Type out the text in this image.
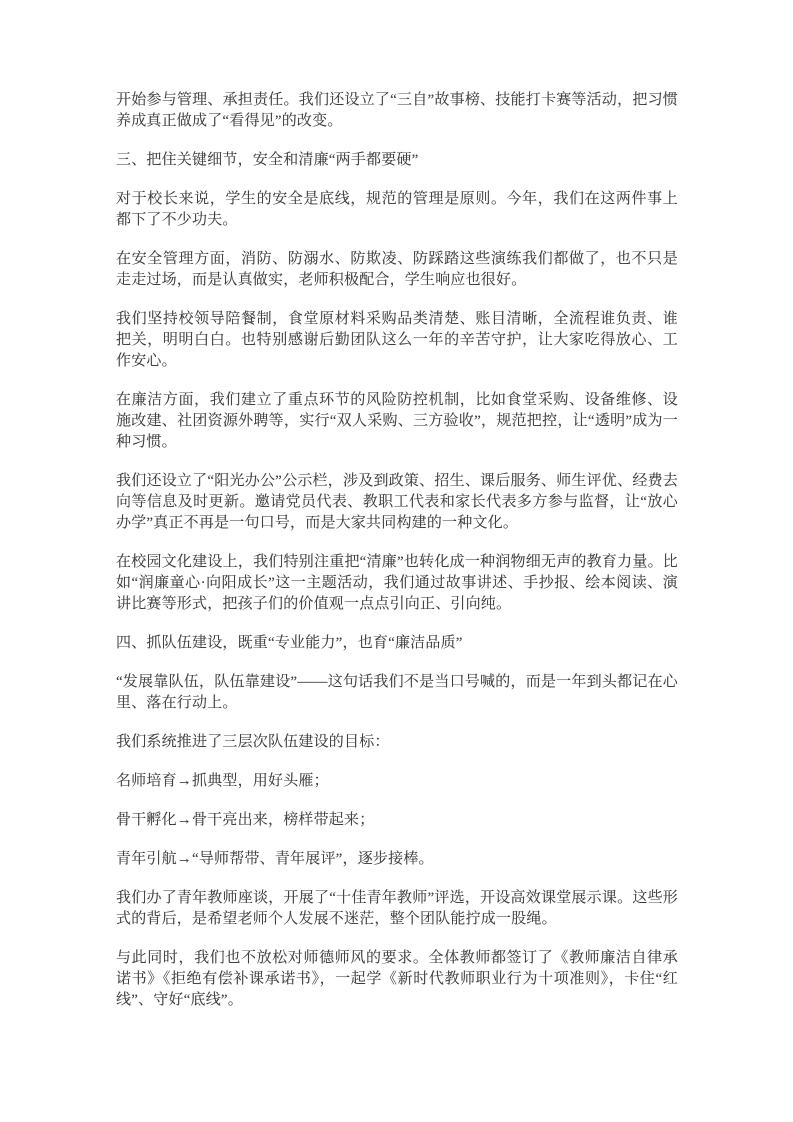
开始参与管理、承担责任。我们还设立了“三自”故事榜、技能打卡赛等活动，把习惯养成真正做成了“看得见”的改变。

三、把住关键细节，安全和清廉“两手都要硬”

对于校长来说，学生的安全是底线，规范的管理是原则。今年，我们在这两件事上都下了不少功夫。

在安全管理方面，消防、防溺水、防欺凌、防踩踏这些演练我们都做了，也不只是走走过场，而是认真做实，老师积极配合，学生响应也很好。

我们坚持校领导陪餐制，食堂原材料采购品类清楚、账目清晰，全流程谁负责、谁把关，明明白白。也特别感谢后勤团队这么一年的辛苦守护，让大家吃得放心、工作安心。

在廉洁方面，我们建立了重点环节的风险防控机制，比如食堂采购、设备维修、设施改建、社团资源外聘等，实行“双人采购、三方验收”，规范把控，让“透明”成为一种习惯。

我们还设立了“阳光办公”公示栏，涉及到政策、招生、课后服务、师生评优、经费去向等信息及时更新。邀请党员代表、教职工代表和家长代表多方参与监督，让“放心办学”真正不再是一句口号，而是大家共同构建的一种文化。

在校园文化建设上，我们特别注重把“清廉”也转化成一种润物细无声的教育力量。比如“润廉童心·向阳成长”这一主题活动，我们通过故事讲述、手抄报、绘本阅读、演讲比赛等形式，把孩子们的价值观一点点引向正、引向纯。

四、抓队伍建设，既重“专业能力”，也育“廉洁品质”

“发展靠队伍，队伍靠建设”——这句话我们不是当口号喊的，而是一年到头都记在心里、落在行动上。

我们系统推进了三层次队伍建设的目标：

名师培育→抓典型，用好头雁；

骨干孵化→骨干亮出来，榜样带起来；

青年引航→“导师帮带、青年展评”，逐步接棒。

我们办了青年教师座谈，开展了“十佳青年教师”评选，开设高效课堂展示课。这些形式的背后，是希望老师个人发展不迷茫，整个团队能拧成一股绳。

与此同时，我们也不放松对师德师风的要求。全体教师都签订了《教师廉洁自律承诺书》《拒绝有偿补课承诺书》，一起学《新时代教师职业行为十项准则》，卡住“红线”、守好“底线”。
